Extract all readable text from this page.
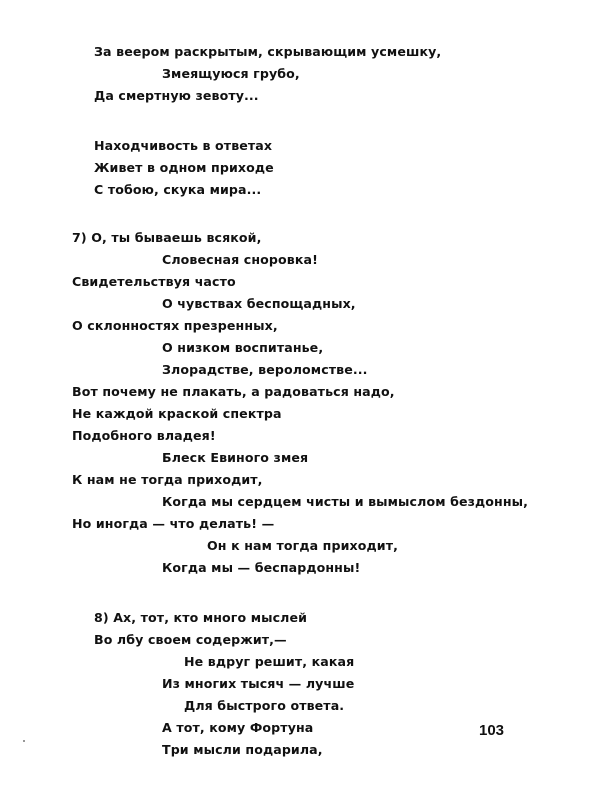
За веером раскрытым, скрывающим усмешку,
Змеящуюся грубо,
Да смертную зевоту...
Находчивость в ответах
Живет в одном приходе
С тобою, скука мира...
7) О, ты бываешь всякой,
Словесная сноровка!
Свидетельствуя часто
О чувствах беспощадных,
О склонностях презренных,
О низком воспитанье,
Злорадстве, вероломстве...
Вот почему не плакать, а радоваться надо,
Не каждой краской спектра
Подобного владея!
Блеск Евиного змея
К нам не тогда приходит,
Когда мы сердцем чисты и вымыслом бездонны,
Но иногда — что делать! —
Он к нам тогда приходит,
Когда мы — беспардонны!
8) Ах, тот, кто много мыслей
Во лбу своем содержит,—
Не вдруг решит, какая
Из многих тысяч — лучше
Для быстрого ответа.
А тот, кому Фортуна
Три мысли подарила,
103
